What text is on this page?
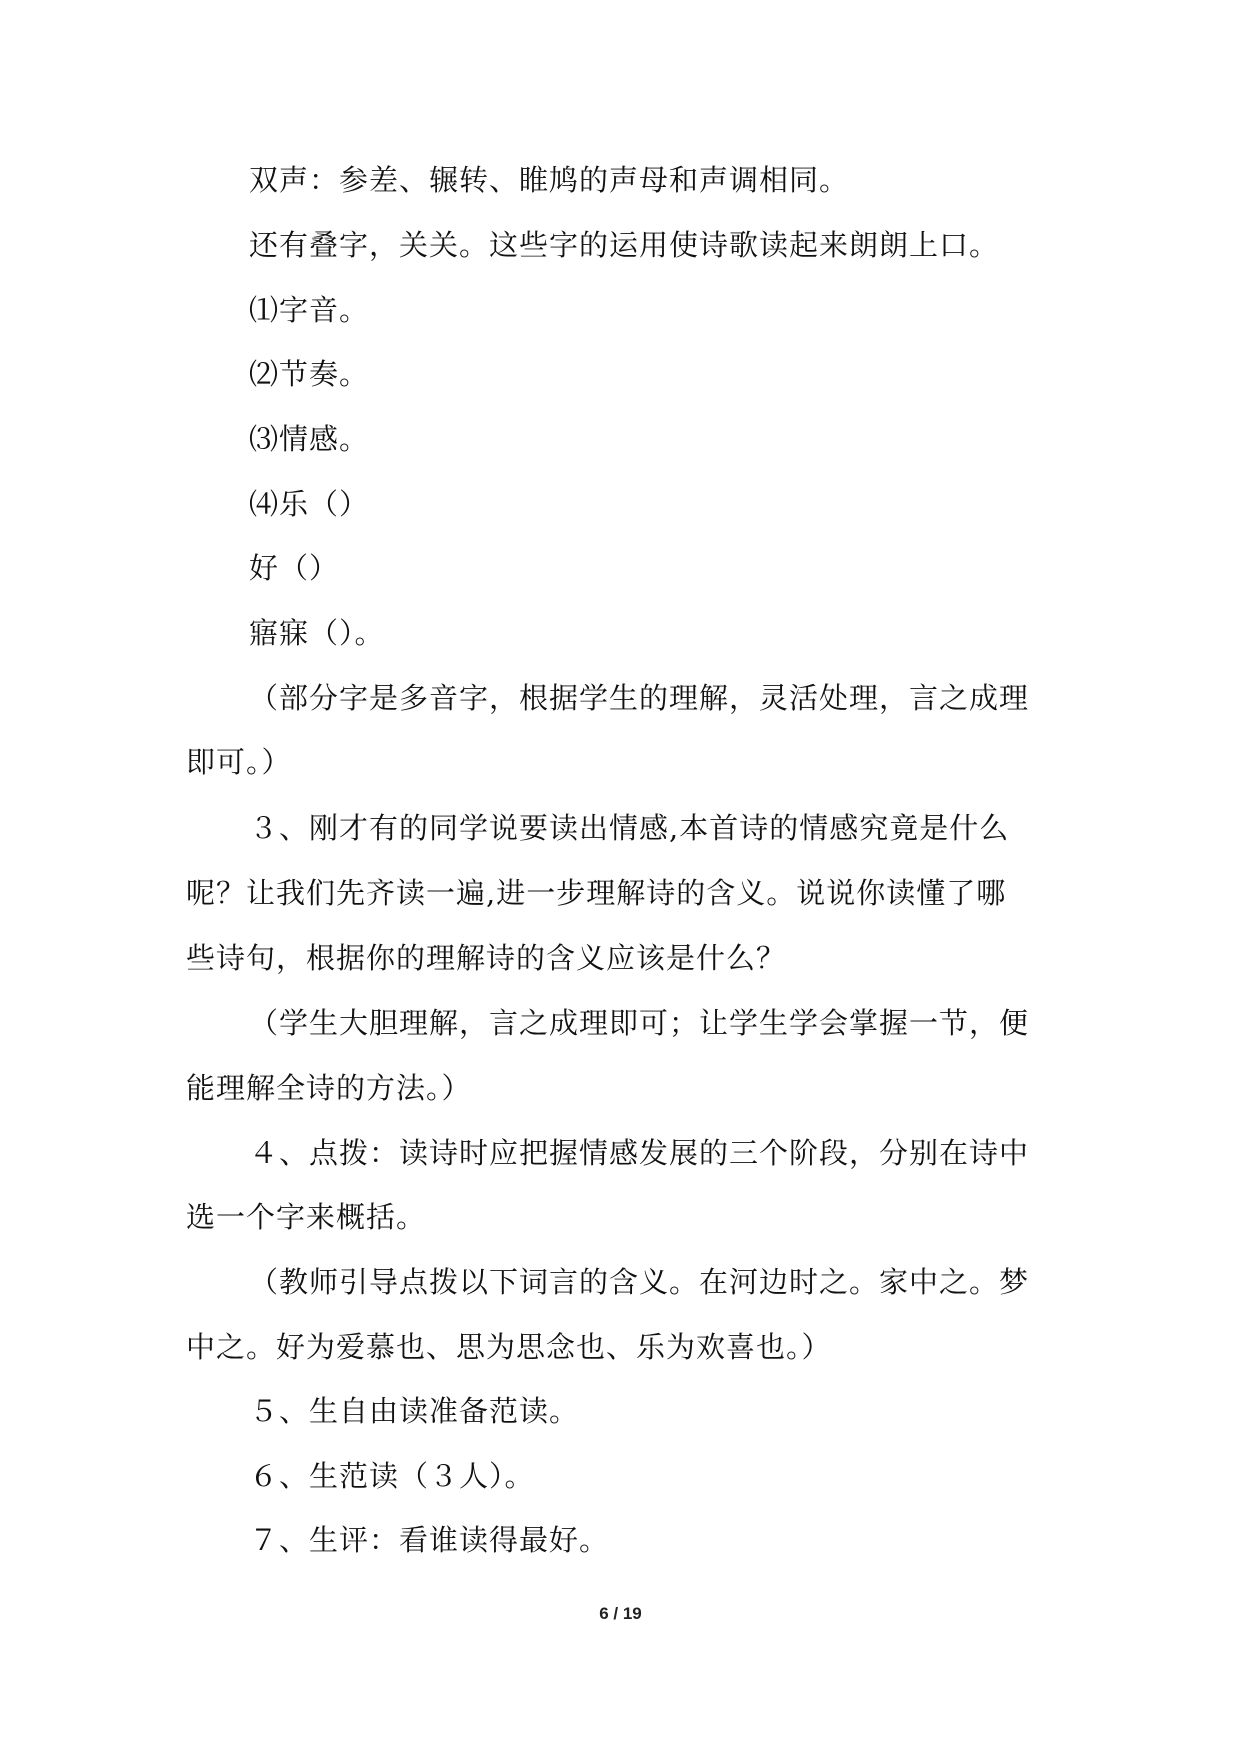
双声：参差、辗转、睢鸠的声母和声调相同。
还有叠字，关关。这些字的运用使诗歌读起来朗朗上口。
⑴字音。
⑵节奏。
⑶情感。
⑷乐（）
好（）
寤寐（）。
（部分字是多音字，根据学生的理解，灵活处理，言之成理
即可。）
３、刚才有的同学说要读出情感,本首诗的情感究竟是什么
呢？让我们先齐读一遍,进一步理解诗的含义。说说你读懂了哪
些诗句，根据你的理解诗的含义应该是什么？
（学生大胆理解，言之成理即可；让学生学会掌握一节，便
能理解全诗的方法。）
４、点拨：读诗时应把握情感发展的三个阶段，分别在诗中
选一个字来概括。
（教师引导点拨以下词言的含义。在河边时之。家中之。梦
中之。好为爱慕也、思为思念也、乐为欢喜也。）
５、生自由读准备范读。
６、生范读（３人）。
７、生评：看谁读得最好。
6 / 19
